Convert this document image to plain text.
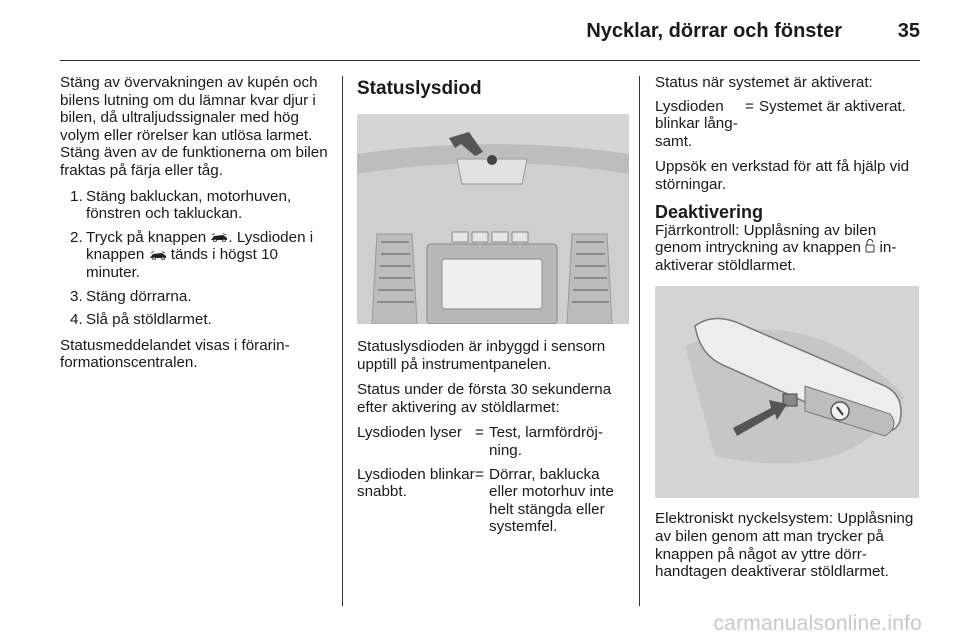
Nycklar, dörrar och fönster	35

Stäng av övervakningen av kupén och bilens lutning om du lämnar kvar djur i bilen, då ultraljudssignaler med hög volym eller rörelser kan utlösa larmet. Stäng även av de funktionerna om bilen fraktas på färja eller tåg.

1. Stäng bakluckan, motorhuven, fönstren och takluckan.
2. Tryck på knappen . Lysdioden i knappen tänds i högst 10 minuter.
3. Stäng dörrarna.
4. Slå på stöldlarmet.

Statusmeddelandet visas i förarinformationscentralen.

Statuslysdiod

Statuslysdioden är inbyggd i sensorn upptill på instrumentpanelen.

Status under de första 30 sekunderna efter aktivering av stöldlarmet:

Lysdioden lyser = Test, larmfördröjning.
Lysdioden blinkar snabbt.
= Dörrar, baklucka eller motorhuv inte helt stängda eller systemfel.

Status när systemet är aktiverat:

Lysdioden blinkar långsamt.
= Systemet är aktiverat.

Uppsök en verkstad för att få hjälp vid störningar.

Deaktivering

Fjärrkontroll: Upplåsning av bilen genom intryckning av knappen inaktiverar stöldlarmet.

Elektroniskt nyckelsystem: Upplåsning av bilen genom att man trycker på knappen på något av yttre dörrhandtagen deaktiverar stöldlarmet.

carmanualsonline.info
